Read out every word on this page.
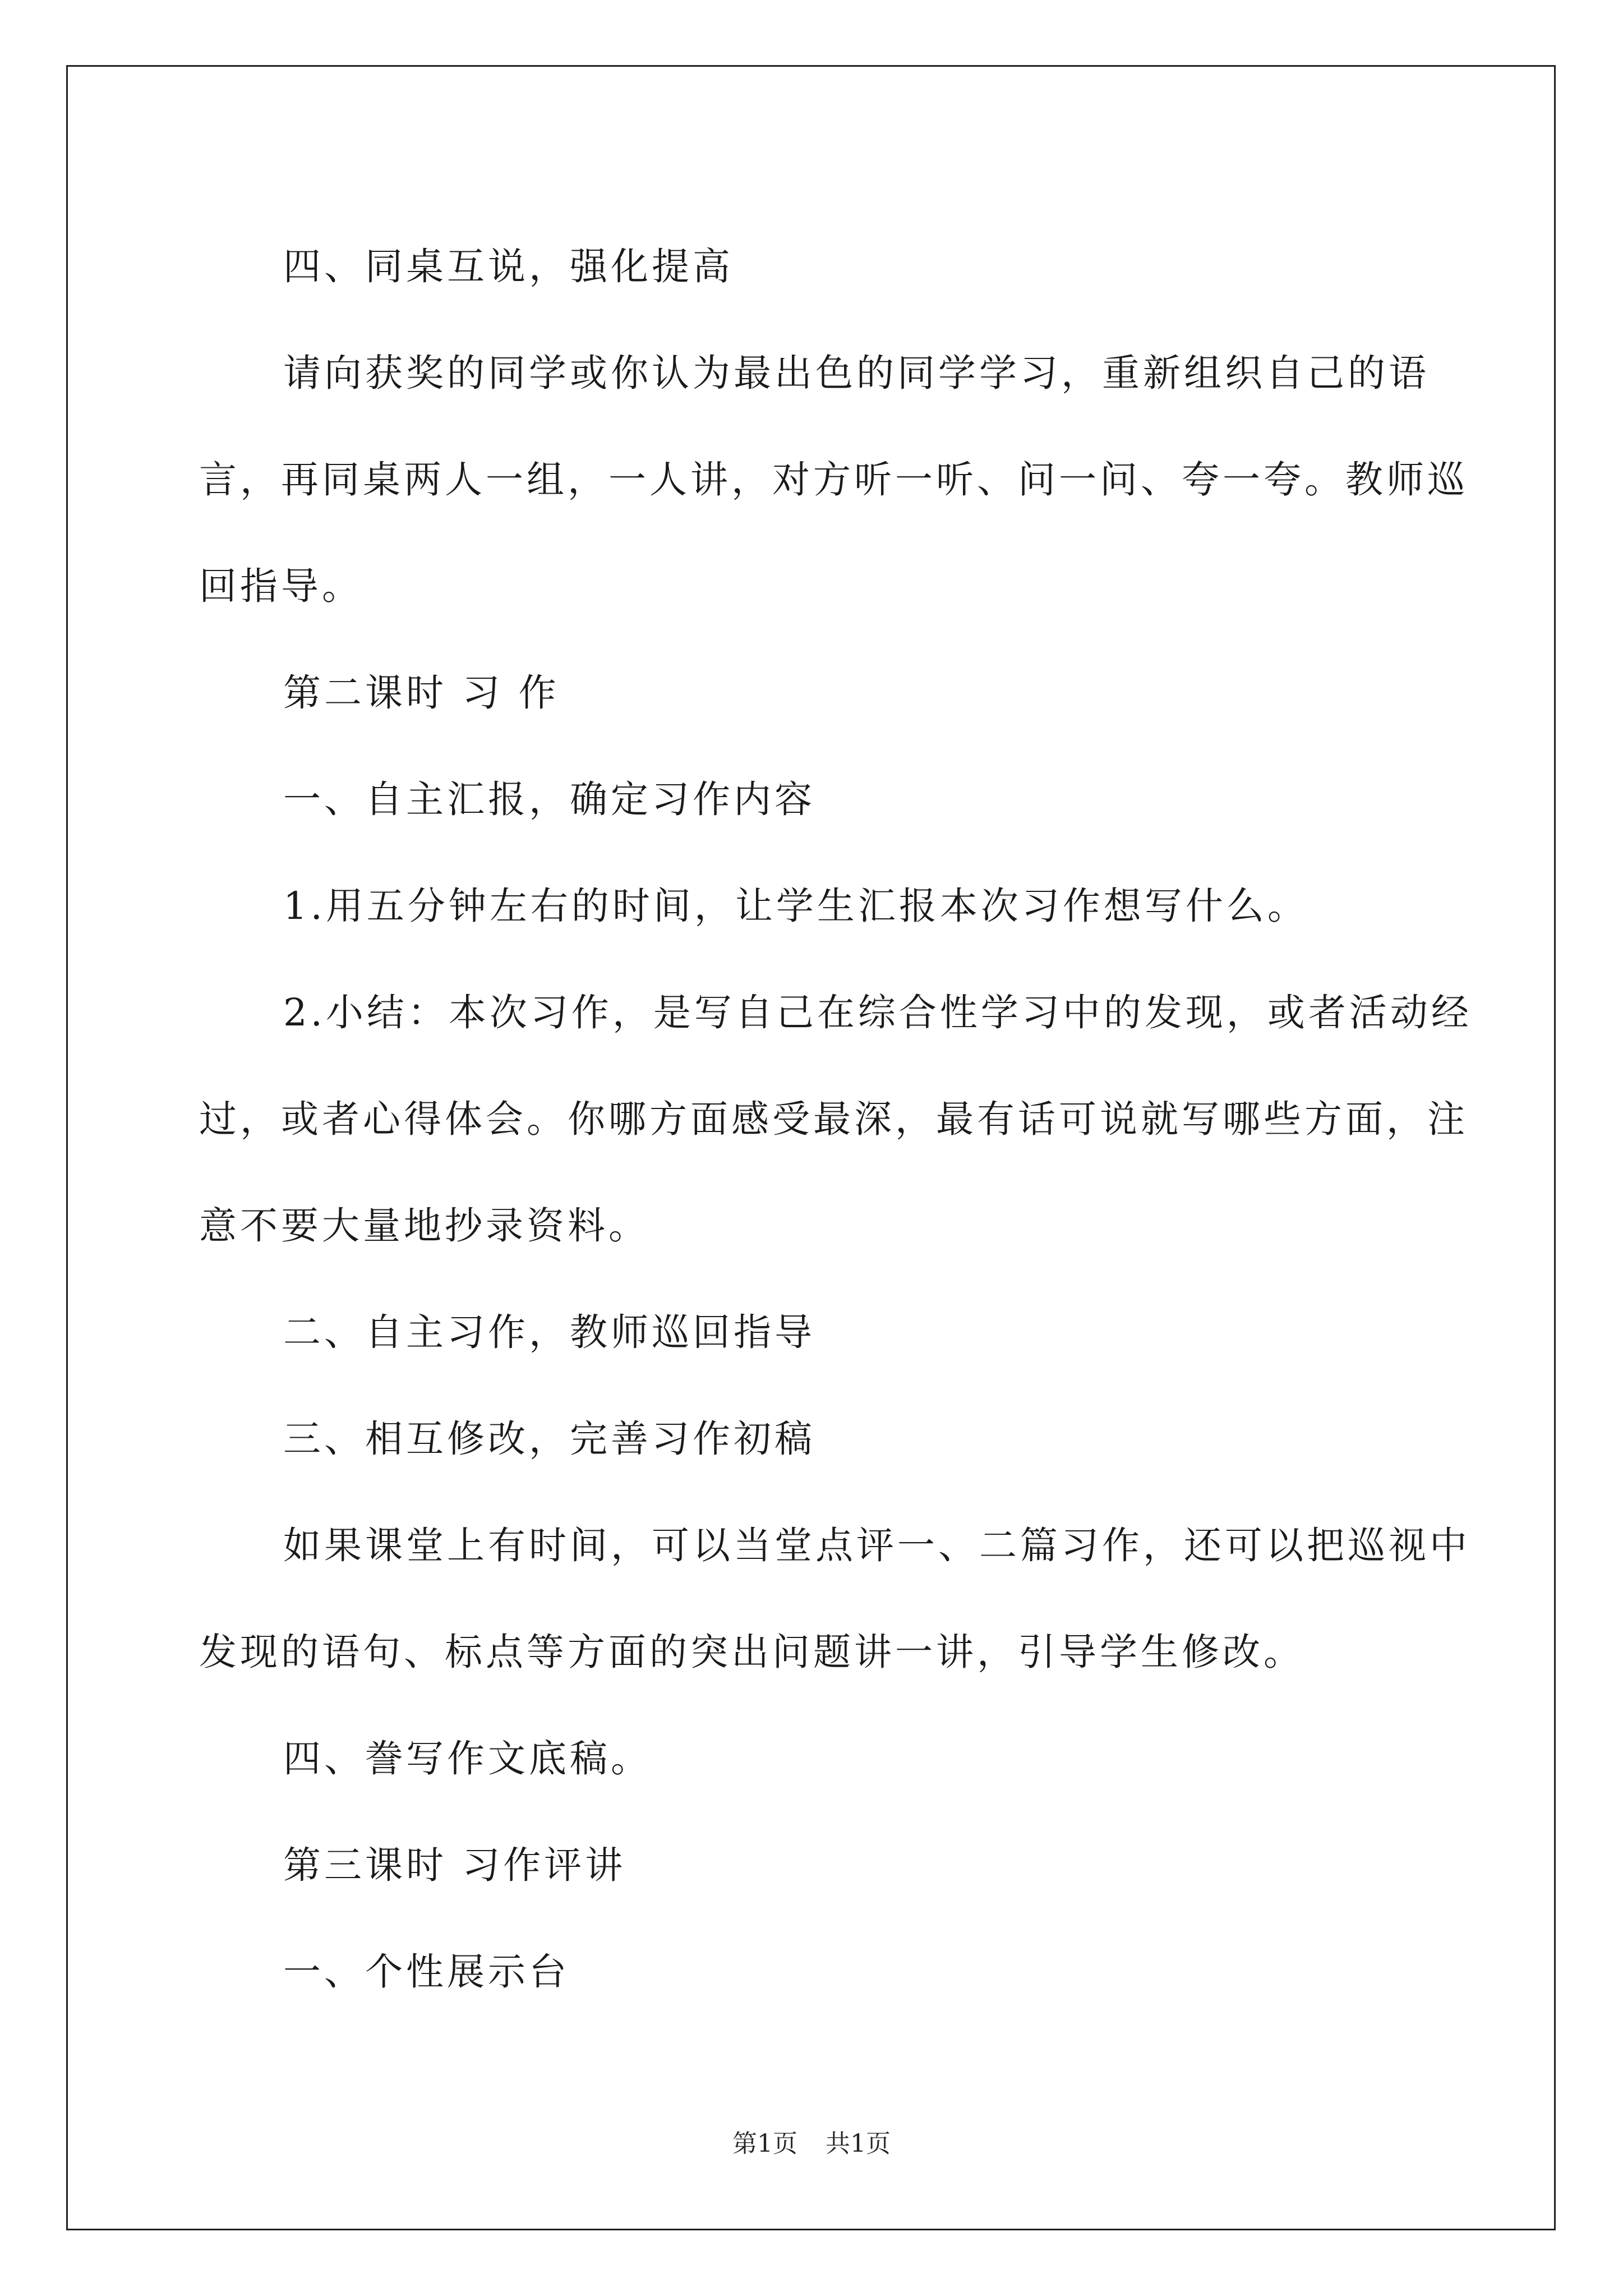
四、同桌互说，强化提高

请向获奖的同学或你认为最出色的同学学习，重新组织自己的语言，再同桌两人一组，一人讲，对方听一听、问一问、夸一夸。教师巡回指导。

第二课时 习 作

一、自主汇报，确定习作内容

1.用五分钟左右的时间，让学生汇报本次习作想写什么。

2.小结：本次习作，是写自己在综合性学习中的发现，或者活动经过，或者心得体会。你哪方面感受最深，最有话可说就写哪些方面，注意不要大量地抄录资料。

二、自主习作，教师巡回指导

三、相互修改，完善习作初稿

如果课堂上有时间，可以当堂点评一、二篇习作，还可以把巡视中发现的语句、标点等方面的突出问题讲一讲，引导学生修改。

四、誊写作文底稿。

第三课时 习作评讲

一、个性展示台

第1页 共1页
